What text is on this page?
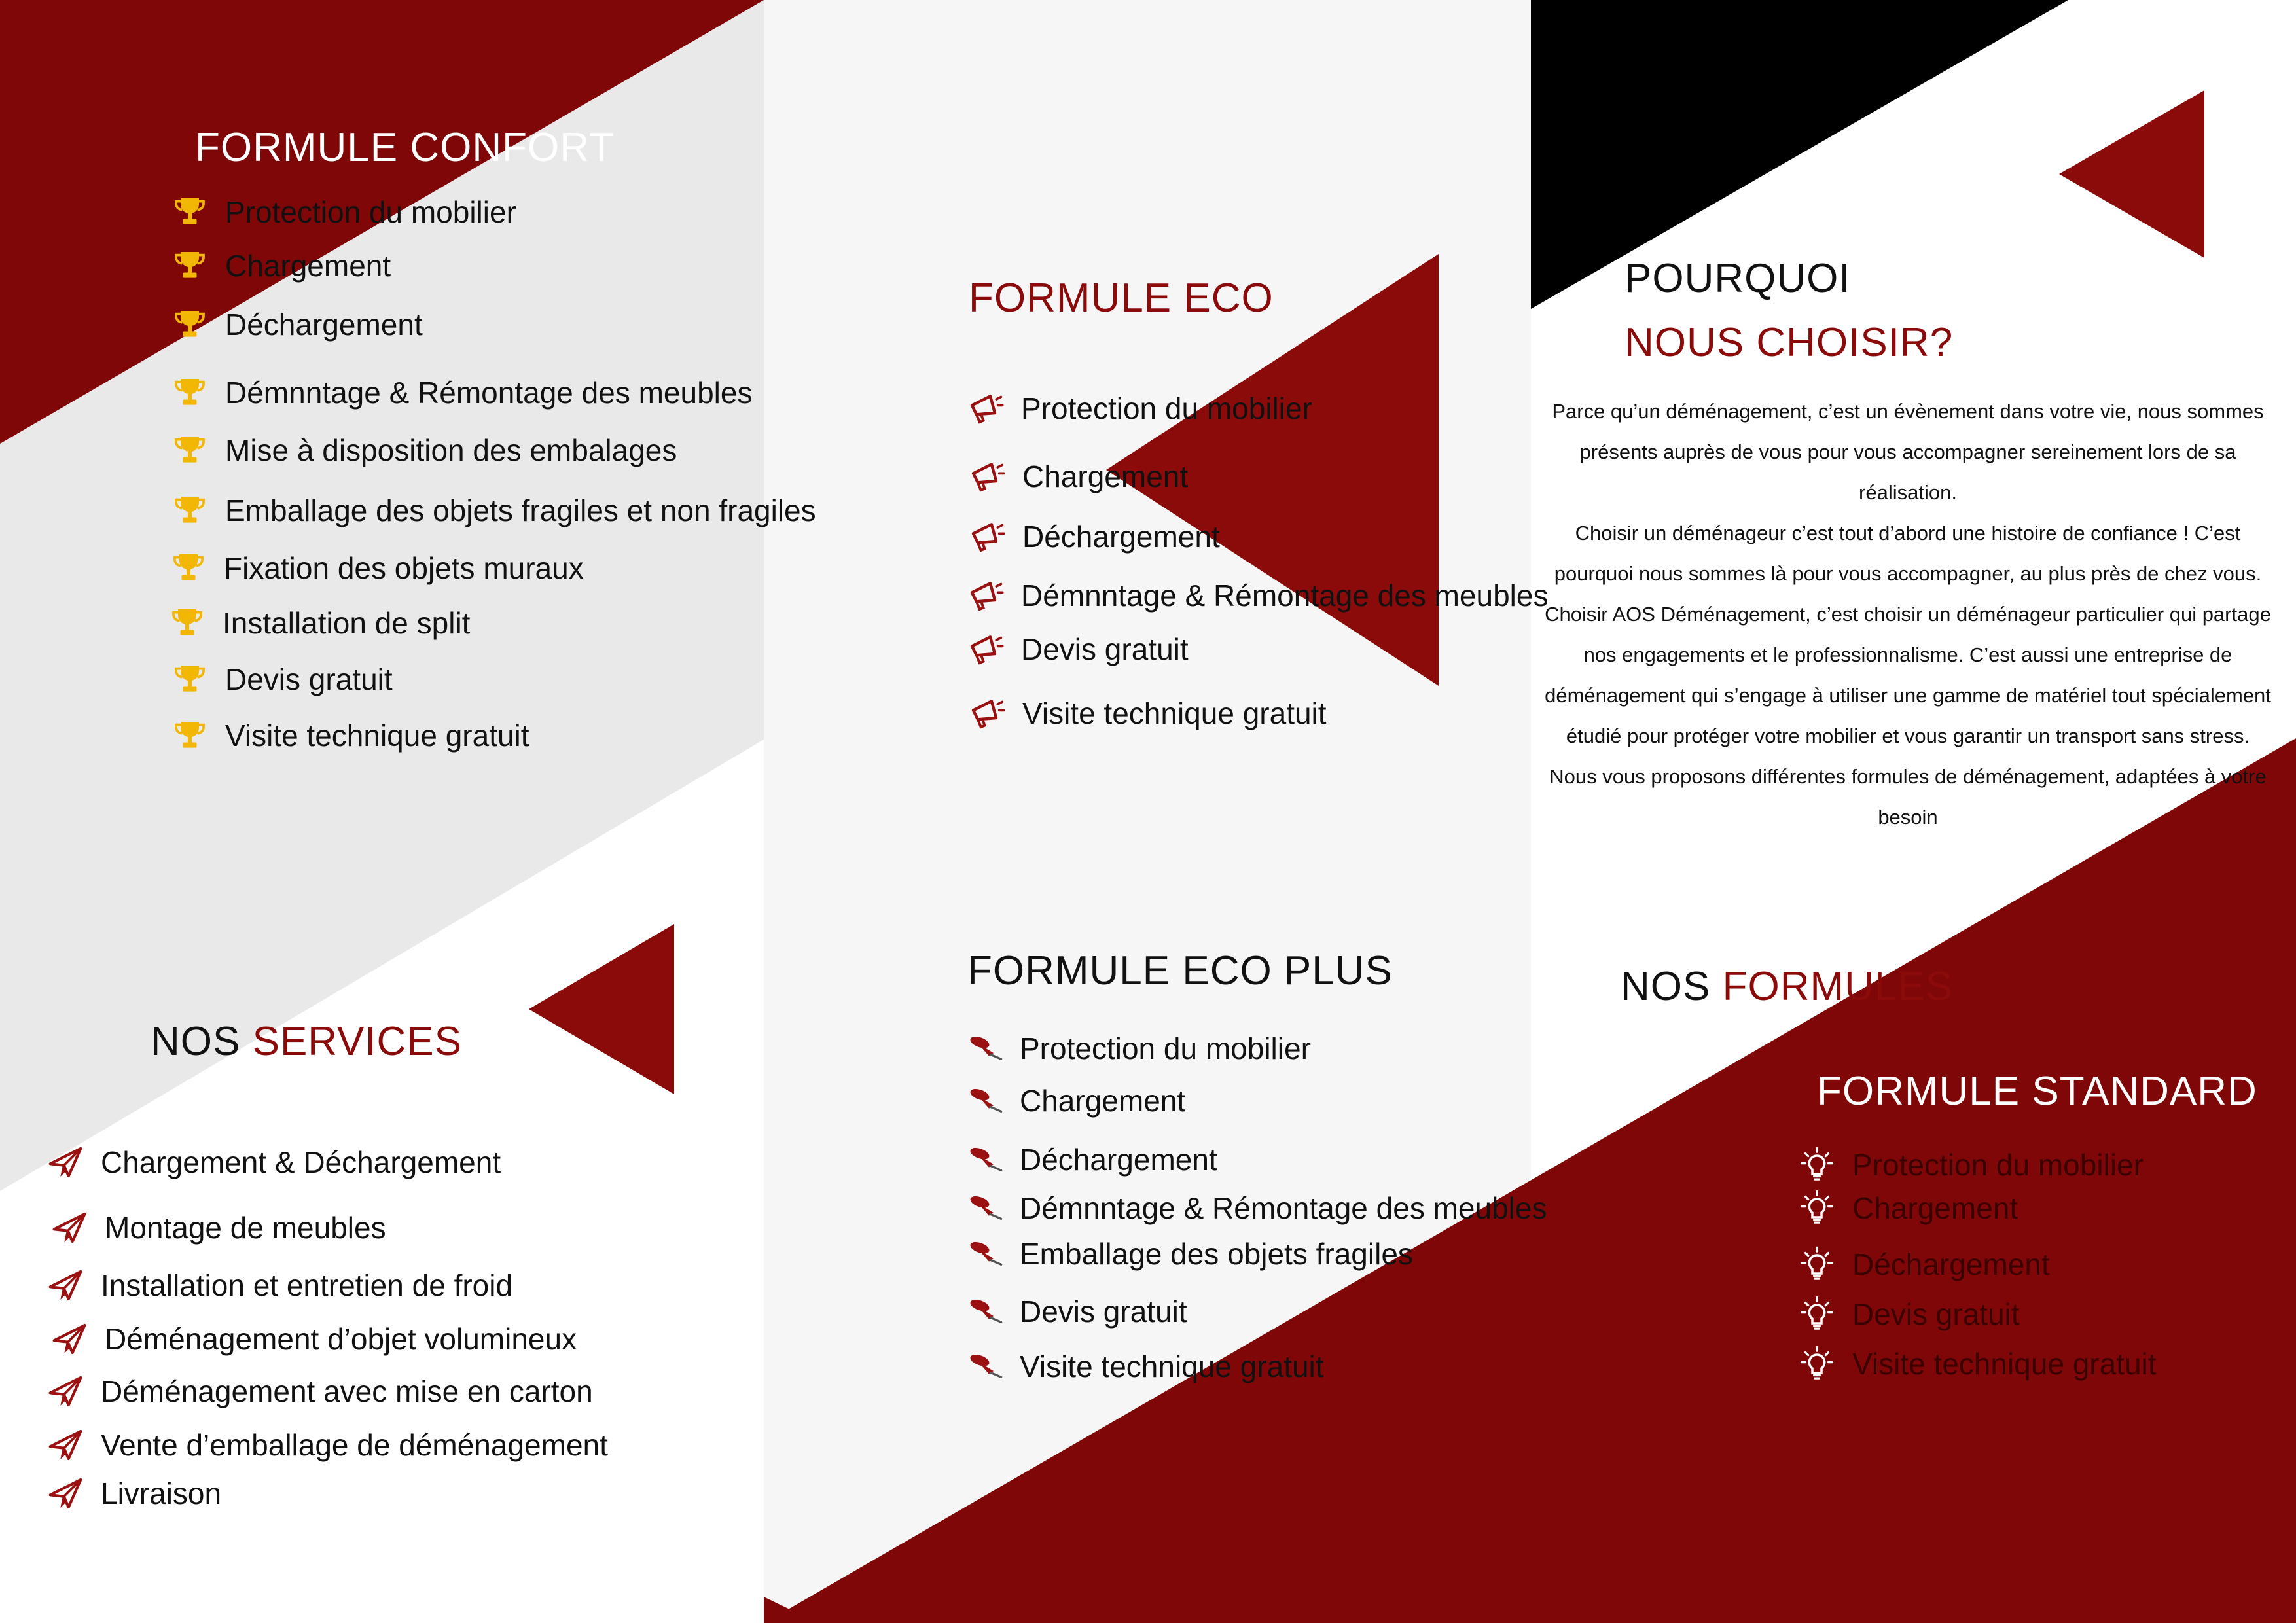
FORMULE CONFORT
Protection du mobilier
Chargement
Déchargement
Démnntage & Rémontage des meubles
Mise à disposition des embalages
Emballage des objets fragiles et non fragiles
Fixation des objets muraux
Installation de split
Devis gratuit
Visite technique gratuit
NOS SERVICES
Chargement & Déchargement
Montage de meubles
Installation et entretien de froid
Déménagement d’objet volumineux
Déménagement avec mise en carton
Vente d’emballage de déménagement
Livraison
FORMULE ECO
Protection du mobilier
Chargement
Déchargement
Démnntage & Rémontage des meubles
Devis gratuit
Visite technique gratuit
FORMULE ECO PLUS
Protection du mobilier
Chargement
Déchargement
Démnntage & Rémontage des meubles
Emballage des objets fragiles
Devis gratuit
Visite technique gratuit
POURQUOI
NOUS CHOISIR?

Parce qu’un déménagement, c’est un évènement dans votre vie, nous sommes

présents auprès de vous pour vous accompagner sereinement lors de sa

réalisation.

Choisir un déménageur c’est tout d’abord une histoire de confiance ! C’est

pourquoi nous sommes là pour vous accompagner, au plus près de chez vous.

Choisir AOS Déménagement, c’est choisir un déménageur particulier qui partage

nos engagements et le professionnalisme. C’est aussi une entreprise de

déménagement qui s’engage à utiliser une gamme de matériel tout spécialement

étudié pour protéger votre mobilier et vous garantir un transport sans stress.

Nous vous proposons différentes formules de déménagement, adaptées à votre

besoin

NOS FORMULES
FORMULE STANDARD
Protection du mobilier
Chargement
Déchargement
Devis gratuit
Visite technique gratuit
